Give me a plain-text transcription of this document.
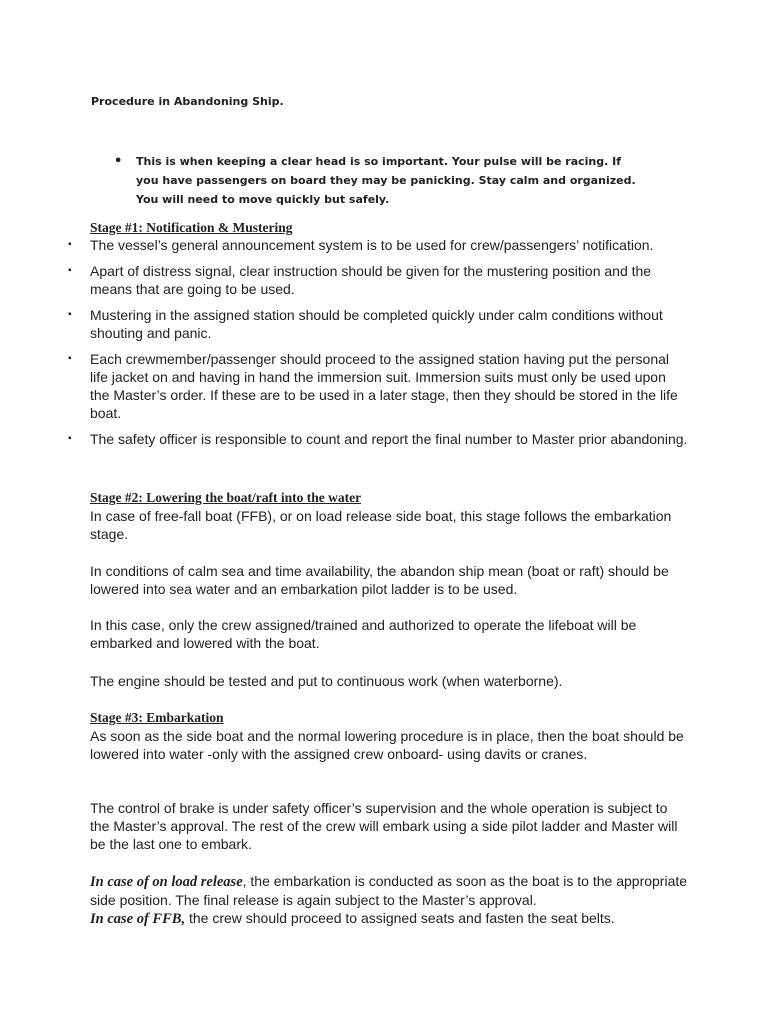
Procedure in Abandoning Ship.
• This is when keeping a clear head is so important. Your pulse will be racing. If you have passengers on board they may be panicking. Stay calm and organized. You will need to move quickly but safely.
Stage #1: Notification & Mustering
▪ The vessel’s general announcement system is to be used for crew/passengers’ notification.
▪ Apart of distress signal, clear instruction should be given for the mustering position and the means that are going to be used.
▪ Mustering in the assigned station should be completed quickly under calm conditions without shouting and panic.
▪ Each crewmember/passenger should proceed to the assigned station having put the personal life jacket on and having in hand the immersion suit. Immersion suits must only be used upon the Master’s order. If these are to be used in a later stage, then they should be stored in the life boat.
▪ The safety officer is responsible to count and report the final number to Master prior abandoning.
Stage #2: Lowering the boat/raft into the water

In case of free-fall boat (FFB), or on load release side boat, this stage follows the embarkation stage.

In conditions of calm sea and time availability, the abandon ship mean (boat or raft) should be lowered into sea water and an embarkation pilot ladder is to be used.

In this case, only the crew assigned/trained and authorized to operate the lifeboat will be embarked and lowered with the boat.

The engine should be tested and put to continuous work (when waterborne).

Stage #3: Embarkation

As soon as the side boat and the normal lowering procedure is in place, then the boat should be lowered into water -only with the assigned crew onboard- using davits or cranes.

The control of brake is under safety officer’s supervision and the whole operation is subject to the Master’s approval. The rest of the crew will embark using a side pilot ladder and Master will be the last one to embark.

In case of on load release, the embarkation is conducted as soon as the boat is to the appropriate side position. The final release is again subject to the Master’s approval.
In case of FFB, the crew should proceed to assigned seats and fasten the seat belts.
